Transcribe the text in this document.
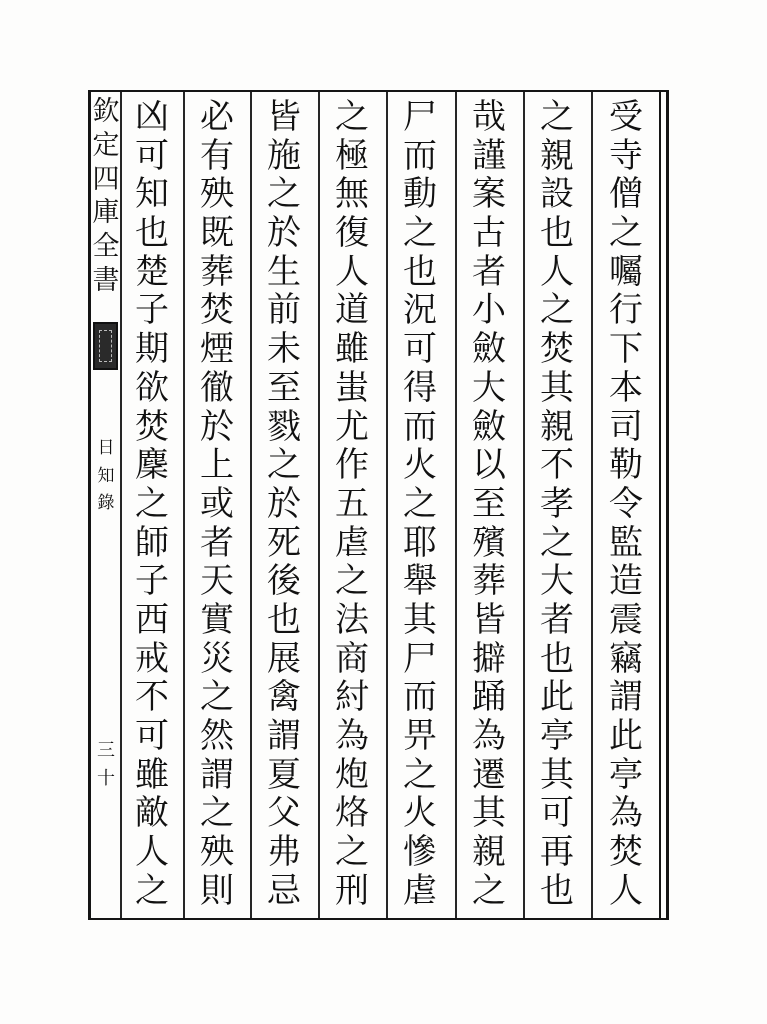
欽
定
四
庫
全
書
日
知
錄
三
十
受
寺
僧
之
囑
行
下
本
司
勒
令
監
造
震
竊
謂
此
亭
為
焚
人
之
親
設
也
人
之
焚
其
親
不
孝
之
大
者
也
此
亭
其
可
再
也
哉
謹
案
古
者
小
斂
大
斂
以
至
殯
葬
皆
擗
踊
為
遷
其
親
之
尸
而
動
之
也
況
可
得
而
火
之
耶
舉
其
尸
而
畀
之
火
慘
虐
之
極
無
復
人
道
雖
蚩
尤
作
五
虐
之
法
商
紂
為
炮
烙
之
刑
皆
施
之
於
生
前
未
至
戮
之
於
死
後
也
展
禽
謂
夏
父
弗
忌
必
有
殃
既
葬
焚
煙
徹
於
上
或
者
天
實
災
之
然
謂
之
殃
則
凶
可
知
也
楚
子
期
欲
焚
麇
之
師
子
西
戒
不
可
雖
敵
人
之
